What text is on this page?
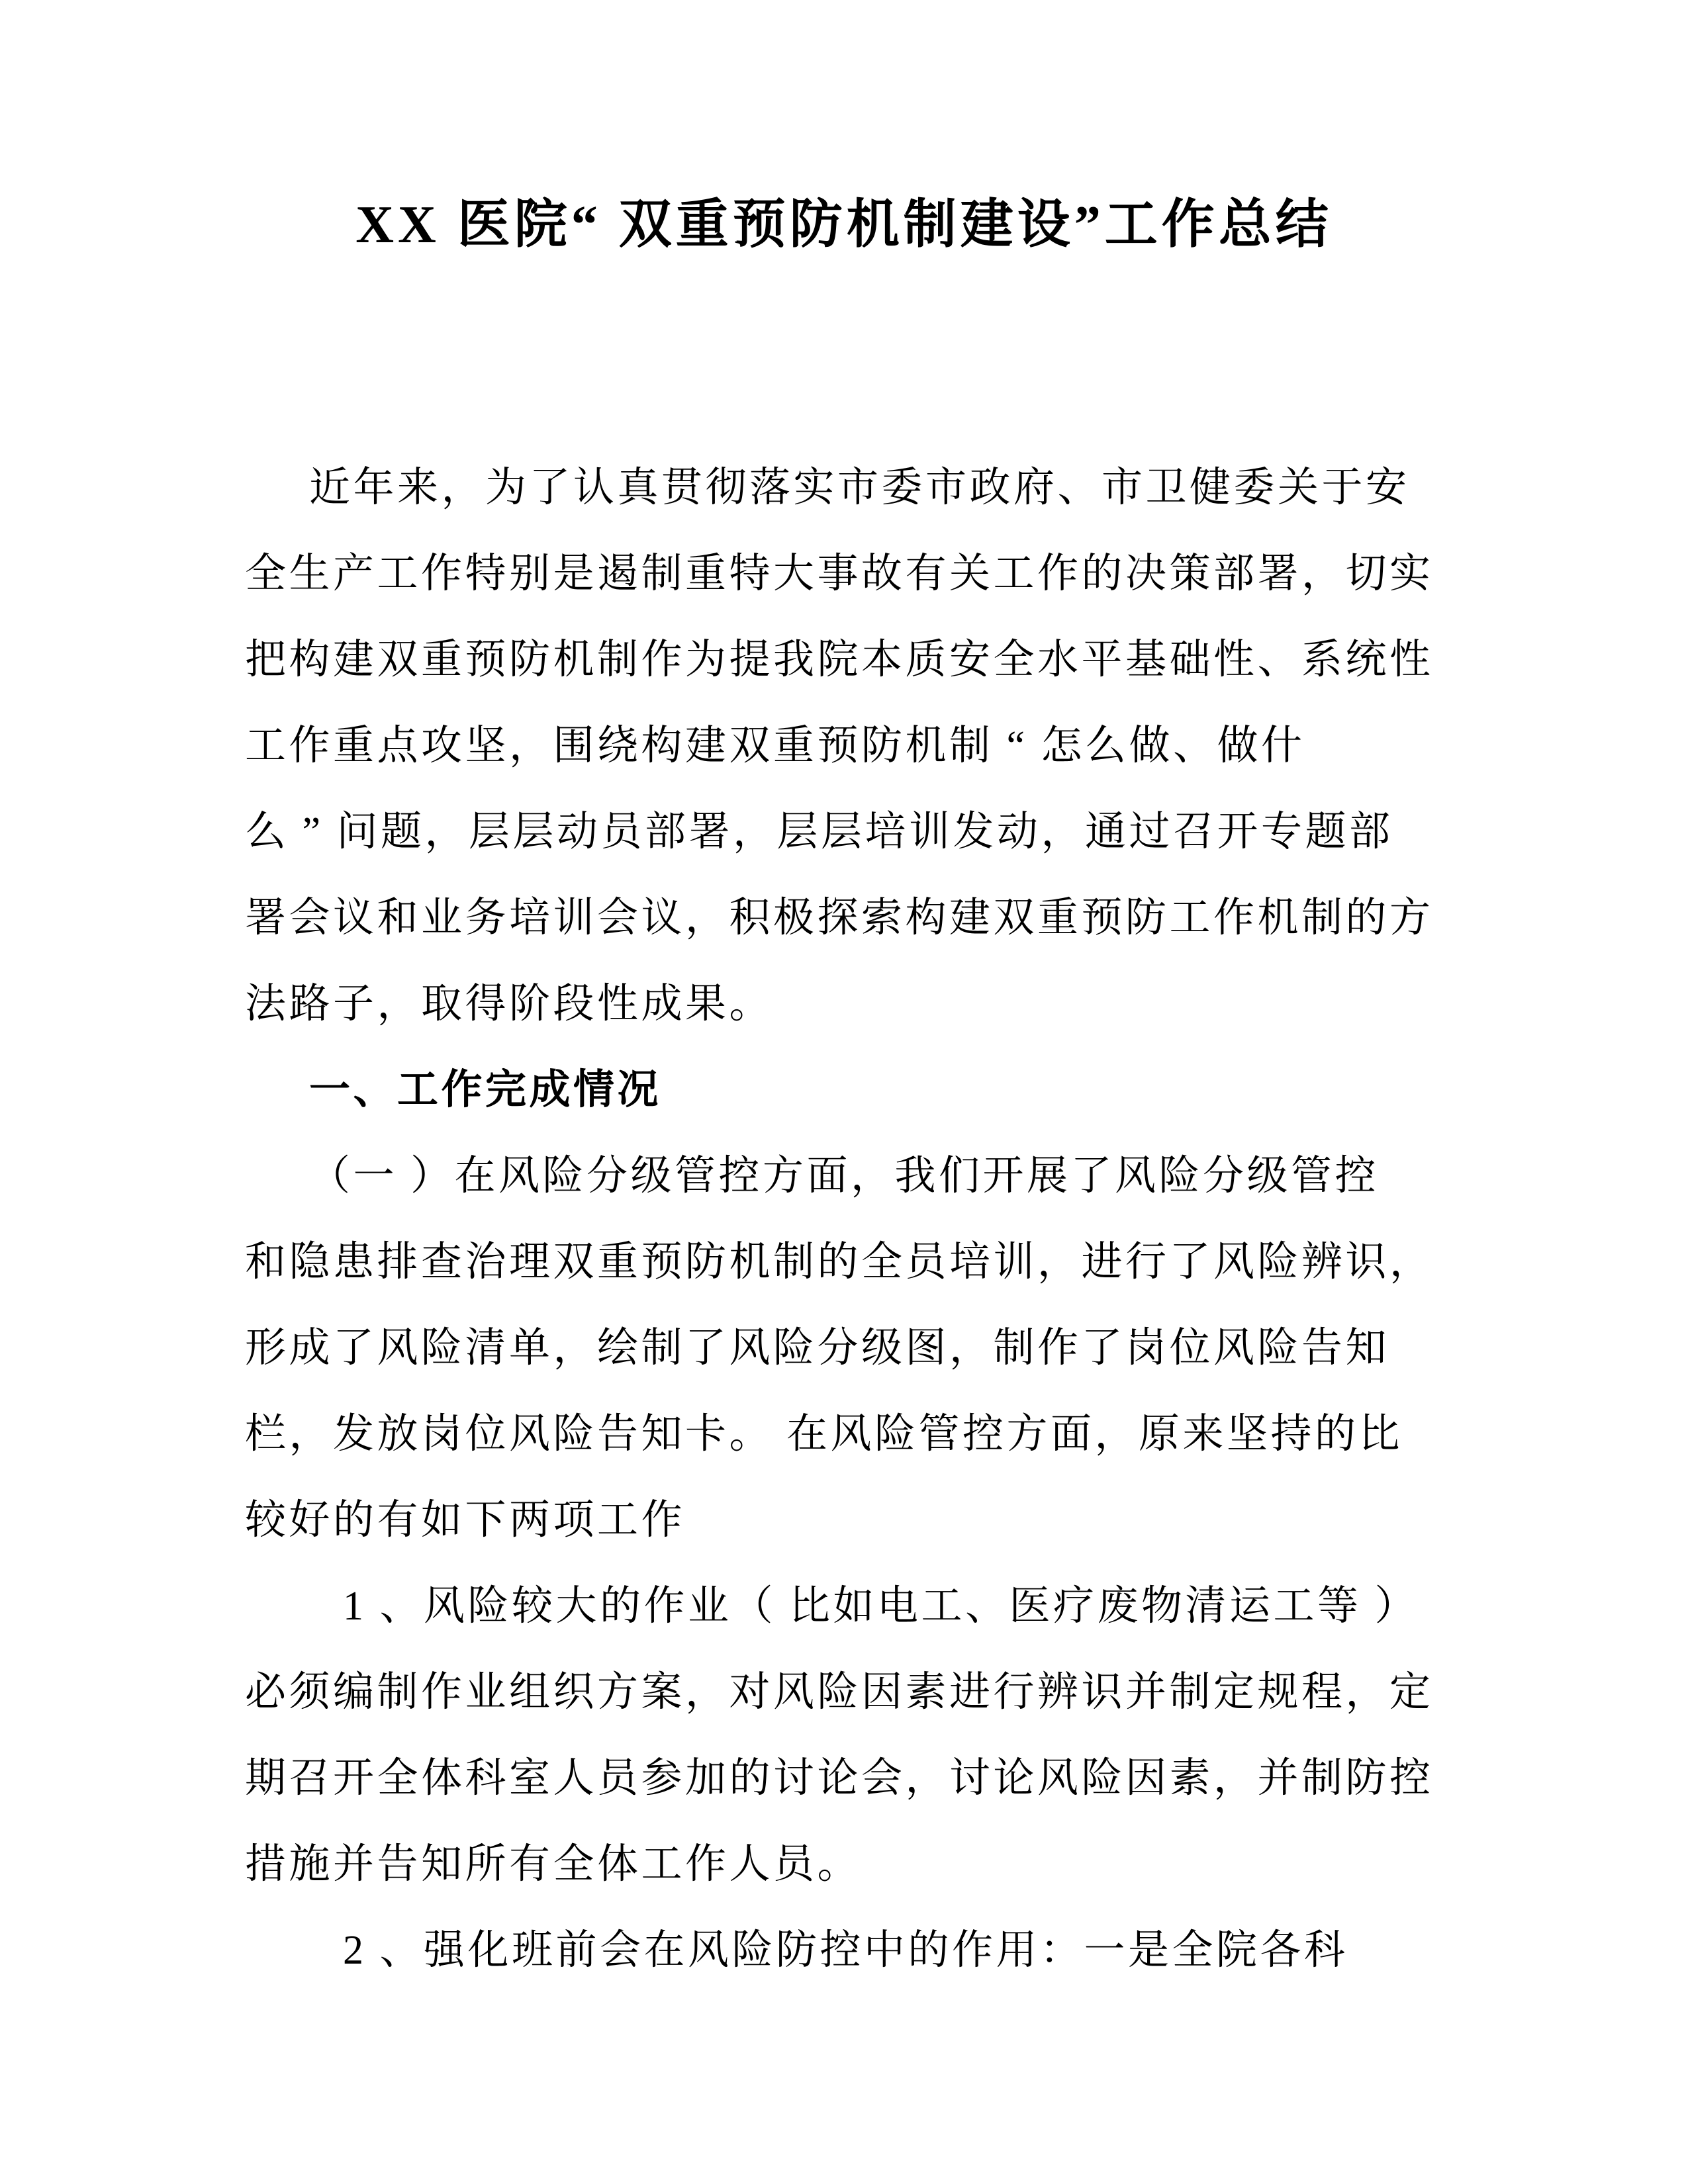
XX 医院“ 双重预防机制建设”工作总结
近年来，为了认真贯彻落实市委市政府、市卫健委关于安
全生产工作特别是遏制重特大事故有关工作的决策部署，切实
把构建双重预防机制作为提我院本质安全水平基础性、系统性
工作重点攻坚，围绕构建双重预防机制 “ 怎么做、做什
么 ” 问题，层层动员部署，层层培训发动，通过召开专题部
署会议和业务培训会议，积极探索构建双重预防工作机制的方
法路子，取得阶段性成果。
一、工作完成情况
（一 ）在风险分级管控方面，我们开展了风险分级管控
和隐患排查治理双重预防机制的全员培训，进行了风险辨识，
形成了风险清单，绘制了风险分级图，制作了岗位风险告知
栏，发放岗位风险告知卡。 在风险管控方面，原来坚持的比
较好的有如下两项工作
1 、风险较大的作业（ 比如电工、医疗废物清运工等 ）
必须编制作业组织方案，对风险因素进行辨识并制定规程，定
期召开全体科室人员参加的讨论会，讨论风险因素，并制防控
措施并告知所有全体工作人员。
2 、强化班前会在风险防控中的作用：一是全院各科
